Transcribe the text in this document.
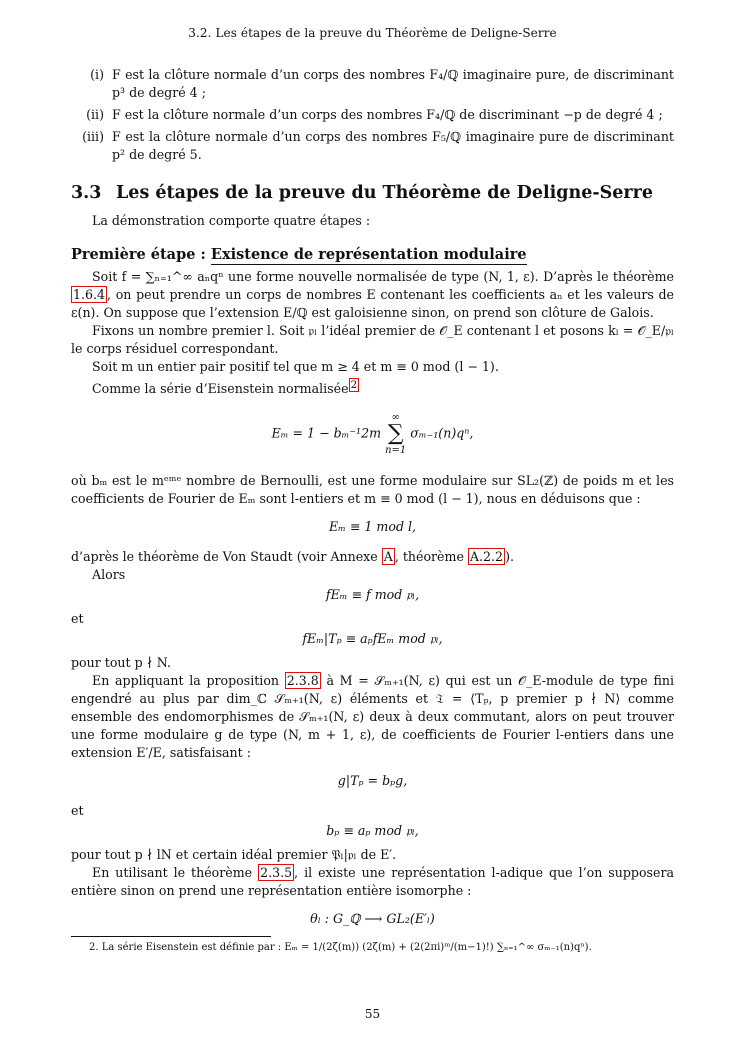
3.2. Les étapes de la preuve du Théorème de Deligne-Serre
(i) F est la clôture normale d’un corps des nombres F₄/ℚ imaginaire pure, de discriminant p³ de degré 4 ;
(ii) F est la clôture normale d’un corps des nombres F₄/ℚ de discriminant −p de degré 4 ;
(iii) F est la clôture normale d’un corps des nombres F₅/ℚ imaginaire pure de discriminant p² de degré 5.
3.3 Les étapes de la preuve du Théorème de Deligne-Serre

La démonstration comporte quatre étapes :

Première étape : Existence de représentation modulaire

Soit f = ∑ₙ₌₁^∞ aₙqⁿ une forme nouvelle normalisée de type (N, 1, ε). D’après le théorème 1.6.4 , on peut prendre un corps de nombres E contenant les coefficients aₙ et les valeurs de ε(n). On suppose que l’extension E/ℚ est galoisienne sinon, on prend son clôture de Galois.

Fixons un nombre premier l. Soit 𝔭ₗ l’idéal premier de 𝒪_E contenant l et posons kₗ = 𝒪_E/𝔭ₗ le corps résiduel correspondant.

Soit m un entier pair positif tel que m ≥ 4 et m ≡ 0 mod (l − 1).

Comme la série d’Eisenstein normalisée $^2$

Eₘ = 1 − bₘ⁻¹2m
∞
∑
n=1
σₘ₋₁(n)qⁿ,

où bₘ est le mᵉᵐᵉ nombre de Bernoulli, est une forme modulaire sur SL₂(ℤ) de poids m et les coefficients de Fourier de Eₘ sont l-entiers et m ≡ 0 mod (l − 1), nous en déduisons que :

Eₘ ≡ 1 mod l,

d’après le théorème de Von Staudt (voir Annexe A , théorème A.2.2 ).

Alors

fEₘ ≡ f mod 𝔭ₗ,

et

fEₘ|Tₚ ≡ aₚfEₘ mod 𝔭ₗ,

pour tout p ∤ N.

En appliquant la proposition 2.3.8 à M = 𝒮ₘ₊₁(N, ε) qui est un 𝒪_E-module de type fini engendré au plus par dim_ℂ 𝒮ₘ₊₁(N, ε) éléments et 𝔗 = ⟨Tₚ, p premier p ∤ N⟩ comme ensemble des endomorphismes de 𝒮ₘ₊₁(N, ε) deux à deux commutant, alors on peut trouver une forme modulaire g de type (N, m + 1, ε), de coefficients de Fourier l-entiers dans une extension E′/E, satisfaisant :

g|Tₚ = bₚg,

et

bₚ ≡ aₚ mod 𝔭ₗ,

pour tout p ∤ lN et certain idéal premier 𝔓ₗ|𝔭ₗ de E′.

En utilisant le théorème 2.3.5 , il existe une représentation l-adique que l’on supposera entière sinon on prend une représentation entière isomorphe :

θₗ : G_ℚ ⟶ GL₂(E′ₗ)
2. La série Eisenstein est définie par : Eₘ = 1/(2ζ(m)) (2ζ(m) + (2(2πi)ᵐ/(m−1)!) ∑ₙ₌₁^∞ σₘ₋₁(n)qⁿ).
55
